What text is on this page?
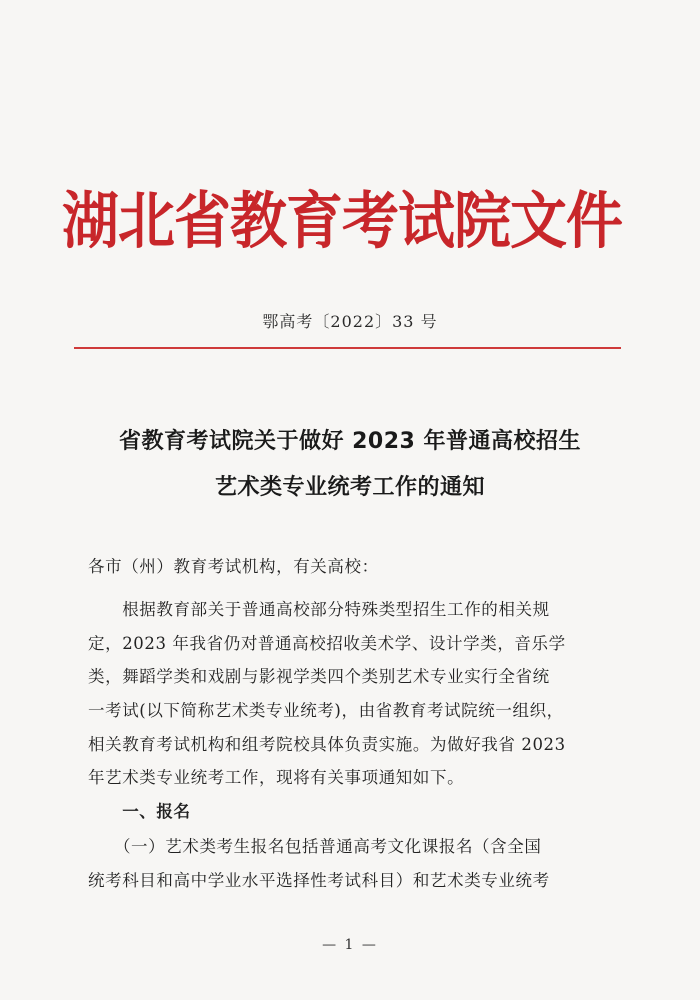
湖北省教育考试院文件
鄂高考〔2022〕33 号
省教育考试院关于做好 2023 年普通高校招生
艺术类专业统考工作的通知
各市（州）教育考试机构，有关高校：
　　根据教育部关于普通高校部分特殊类型招生工作的相关规
定，2023 年我省仍对普通高校招收美术学、设计学类，音乐学
类，舞蹈学类和戏剧与影视学类四个类别艺术专业实行全省统
一考试(以下简称艺术类专业统考)，由省教育考试院统一组织，
相关教育考试机构和组考院校具体负责实施。为做好我省 2023
年艺术类专业统考工作，现将有关事项通知如下。
　　一、报名
　　（一）艺术类考生报名包括普通高考文化课报名（含全国
统考科目和高中学业水平选择性考试科目）和艺术类专业统考
— 1 —
